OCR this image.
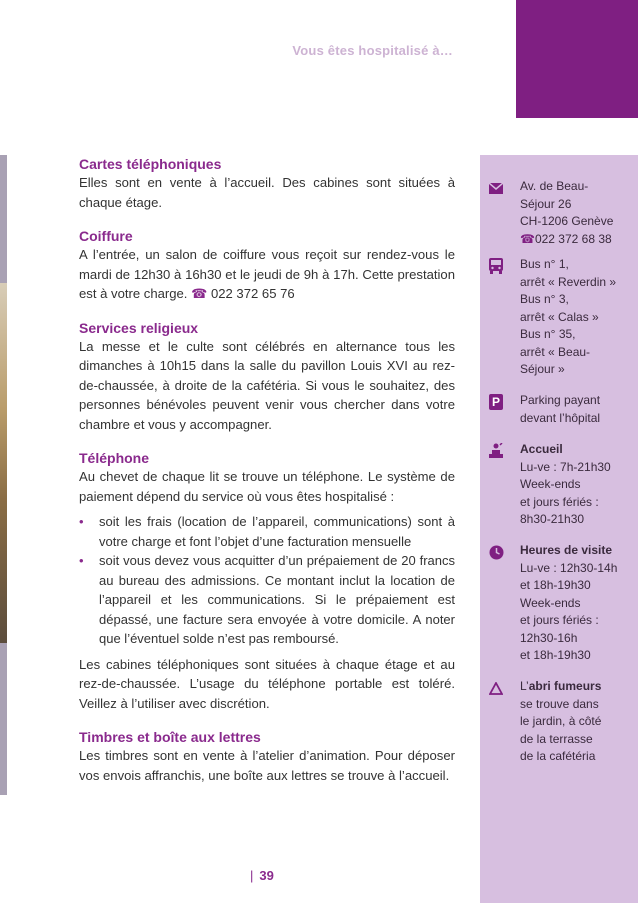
Vous êtes hospitalisé à…
Cartes téléphoniques

Elles sont en vente à l’accueil. Des cabines sont situées à chaque étage.

Coiffure

A l’entrée, un salon de coiffure vous reçoit sur rendez-vous le mardi de 12h30 à 16h30 et le jeudi de 9h à 17h. Cette prestation est à votre charge. ☎ 022 372 65 76

Services religieux

La messe et le culte sont célébrés en alternance tous les dimanches à 10h15 dans la salle du pavillon Louis XVI au rez-de-chaussée, à droite de la cafétéria. Si vous le souhaitez, des personnes bénévoles peuvent venir vous chercher dans votre chambre et vous y accompagner.

Téléphone

Au chevet de chaque lit se trouve un téléphone. Le système de paiement dépend du service où vous êtes hospitalisé :

• soit les frais (location de l’appareil, communications) sont à votre charge et font l’objet d’une facturation mensuelle
• soit vous devez vous acquitter d’un prépaiement de 20 francs au bureau des admissions. Ce montant inclut la location de l’appareil et les communications. Si le prépaiement est dépassé, une facture sera envoyée à votre domicile. A noter que l’éventuel solde n’est pas remboursé.

Les cabines téléphoniques sont situées à chaque étage et au rez-de-chaussée. L’usage du téléphone portable est toléré. Veillez à l’utiliser avec discrétion.

Timbres et boîte aux lettres

Les timbres sont en vente à l’atelier d’animation. Pour déposer vos envois affranchis, une boîte aux lettres se trouve à l’accueil.

Av. de Beau-
Séjour 26
CH-1206 Genève
☎022 372 68 38
Bus n° 1,
arrêt « Reverdin »
Bus n° 3,
arrêt « Calas »
Bus n° 35,
arrêt « Beau-
Séjour »
P Parking payant
devant l’hôpital
Accueil
Lu-ve : 7h-21h30
Week-ends
et jours fériés :
8h30-21h30
Heures de visite
Lu-ve : 12h30-14h
et 18h-19h30
Week-ends
et jours fériés :
12h30-16h
et 18h-19h30
L’abri fumeurs
se trouve dans
le jardin, à côté
de la terrasse
de la cafétéria
| 39
